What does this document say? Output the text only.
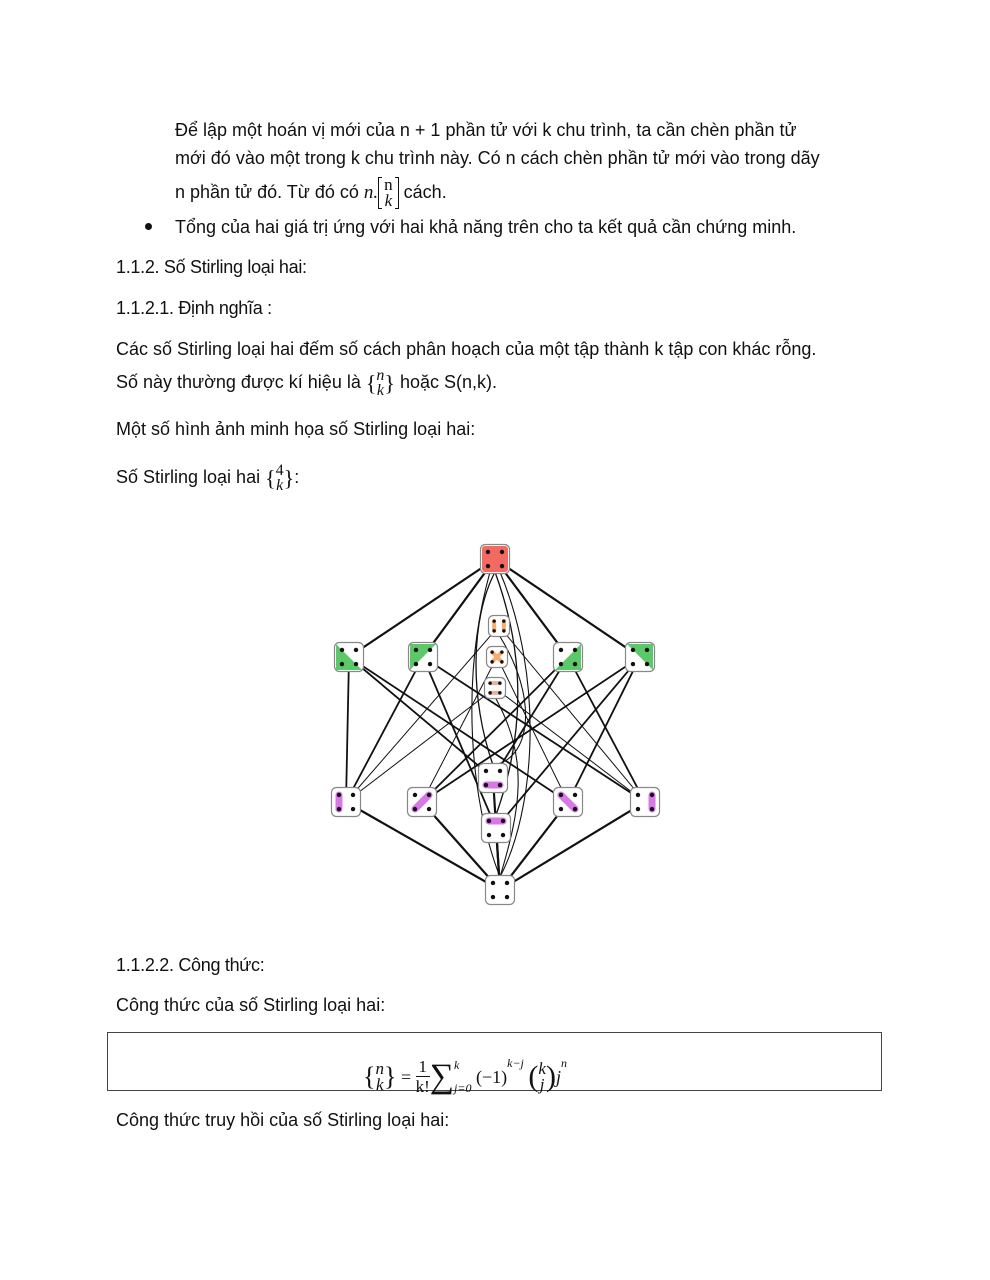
Để lập một hoán vị mới của n + 1 phần tử với k chu trình, ta cần chèn phần tử
mới đó vào một trong k chu trình này. Có n cách chèn phần tử mới vào trong dãy
n phần tử đó. Từ đó có n. n
k cách.
Tổng của hai giá trị ứng với hai khả năng trên cho ta kết quả cần chứng minh.
1.1.2. Số Stirling loại hai:
1.1.2.1. Định nghĩa :
Các số Stirling loại hai đếm số cách phân hoạch của một tập thành k tập con khác rỗng.
Số này thường được kí hiệu là { n
k } hoặc S(n,k).
Một số hình ảnh minh họa số Stirling loại hai:
Số Stirling loại hai { 4
k }:
1.1.2.2. Công thức:
Công thức của số Stirling loại hai:
{ n
k } = $\frac{1}{k!}$ ∑ k
j=0
$(-1)^{k-j}$ ( k
j )$j^n$
Công thức truy hồi của số Stirling loại hai:
